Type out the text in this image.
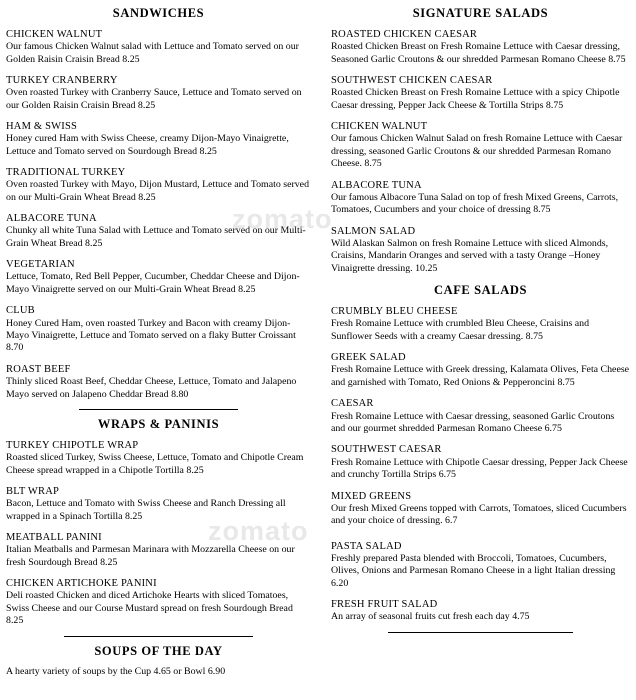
SANDWICHES
CHICKEN WALNUT
Our famous Chicken Walnut salad with Lettuce and Tomato served on our Golden Raisin Craisin Bread 8.25
TURKEY CRANBERRY
Oven roasted Turkey with Cranberry Sauce, Lettuce and Tomato served on our Golden Raisin Craisin Bread 8.25
HAM & SWISS
Honey cured Ham with Swiss Cheese, creamy Dijon-Mayo Vinaigrette, Lettuce and Tomato served on Sourdough Bread 8.25
TRADITIONAL TURKEY
Oven roasted Turkey with Mayo, Dijon Mustard, Lettuce and Tomato served on our Multi-Grain Wheat Bread 8.25
ALBACORE TUNA
Chunky all white Tuna Salad with Lettuce and Tomato served on our Multi-Grain Wheat Bread 8.25
VEGETARIAN
Lettuce, Tomato, Red Bell Pepper, Cucumber, Cheddar Cheese and Dijon-Mayo Vinaigrette served on our Multi-Grain Wheat Bread 8.25
CLUB
Honey Cured Ham, oven roasted Turkey and Bacon with creamy Dijon-Mayo Vinaigrette, Lettuce and Tomato served on a flaky Butter Croissant 8.70
ROAST BEEF
Thinly sliced Roast Beef, Cheddar Cheese, Lettuce, Tomato and Jalapeno Mayo served on Jalapeno Cheddar Bread 8.80
WRAPS & PANINIS
TURKEY CHIPOTLE WRAP
Roasted sliced Turkey, Swiss Cheese, Lettuce, Tomato and Chipotle Cream Cheese spread wrapped in a Chipotle Tortilla 8.25
BLT WRAP
Bacon, Lettuce and Tomato with Swiss Cheese and Ranch Dressing all wrapped in a Spinach Tortilla 8.25
MEATBALL PANINI
Italian Meatballs and Parmesan Marinara with Mozzarella Cheese on our fresh Sourdough Bread 8.25
CHICKEN ARTICHOKE PANINI
Deli roasted Chicken and diced Artichoke Hearts with sliced Tomatoes, Swiss Cheese and our Course Mustard spread on fresh Sourdough Bread 8.25
SOUPS OF THE DAY
A hearty variety of soups by the Cup 4.65 or Bowl 6.90
SIGNATURE SALADS
ROASTED CHICKEN CAESAR
Roasted Chicken Breast on Fresh Romaine Lettuce with Caesar dressing, Seasoned Garlic Croutons & our shredded Parmesan Romano Cheese 8.75
SOUTHWEST CHICKEN CAESAR
Roasted Chicken Breast on Fresh Romaine Lettuce with a spicy Chipotle Caesar dressing, Pepper Jack Cheese & Tortilla Strips 8.75
CHICKEN WALNUT
Our famous Chicken Walnut Salad on fresh Romaine Lettuce with Caesar dressing, seasoned Garlic Croutons & our shredded Parmesan Romano Cheese. 8.75
ALBACORE TUNA
Our famous Albacore Tuna Salad on top of fresh Mixed Greens, Carrots, Tomatoes, Cucumbers and your choice of dressing 8.75
SALMON SALAD
Wild Alaskan Salmon on fresh Romaine Lettuce with sliced Almonds, Craisins, Mandarin Oranges and served with a tasty Orange –Honey Vinaigrette dressing. 10.25
CAFE SALADS
CRUMBLY BLEU CHEESE
Fresh Romaine Lettuce with crumbled Bleu Cheese, Craisins and Sunflower Seeds with a creamy Caesar dressing. 8.75
GREEK SALAD
Fresh Romaine Lettuce with Greek dressing, Kalamata Olives, Feta Cheese and garnished with Tomato, Red Onions & Pepperoncini 8.75
CAESAR
Fresh Romaine Lettuce with Caesar dressing, seasoned Garlic Croutons and our gourmet shredded Parmesan Romano Cheese 6.75
SOUTHWEST CAESAR
Fresh Romaine Lettuce with Chipotle Caesar dressing, Pepper Jack Cheese and crunchy Tortilla Strips 6.75
MIXED GREENS
Our fresh Mixed Greens topped with Carrots, Tomatoes, sliced Cucumbers and your choice of dressing. 6.7
PASTA SALAD
Freshly prepared Pasta blended with Broccoli, Tomatoes, Cucumbers, Olives, Onions and Parmesan Romano Cheese in a light Italian dressing 6.20
FRESH FRUIT SALAD
An array of seasonal fruits cut fresh each day 4.75
zomato
zomato
